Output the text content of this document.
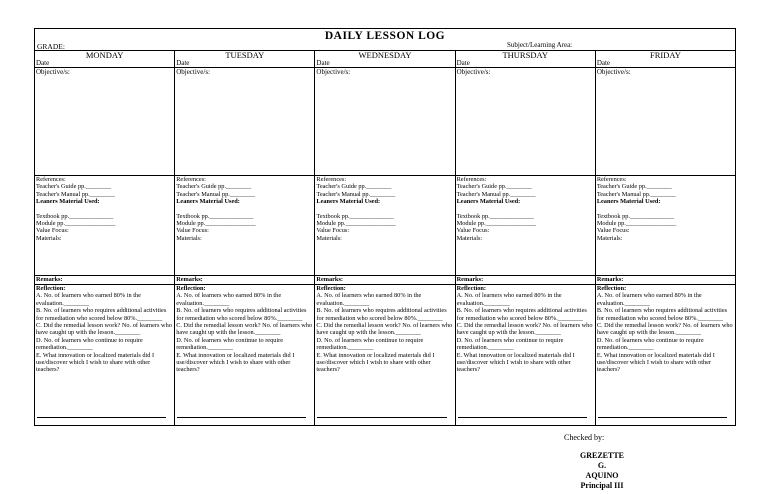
DAILY LESSON LOG
GRADE:	Subject/Learning Area:
MONDAY
Date
Objective/s:
References:
Teacher's Guide pp.________
Teacher's Manual pp.________
Leaners Material Used:
Textbook pp.______________
Module pp.________________
Value Focus:
Materials:
Remarks:

Reflection:

A. No. of learners who earned 80% in the evaluation.________

B. No. of learners who requires additional activities for remediation who scored below 80%.________

C. Did the remedial lesson work? No. of learners who have caught up with the lesson.________

D. No. of learners who continue to require remediation.________

E. What innovation or localized materials did I use/discover which I wish to share with other teachers?

TUESDAY
Date
Objective/s:
References:
Teacher's Guide pp.________
Teacher's Manual pp.________
Leaners Material Used:
Textbook pp.______________
Module pp.________________
Value Focus:
Materials:
Remarks:

Reflection:

A. No. of learners who earned 80% in the evaluation.________

B. No. of learners who requires additional activities for remediation who scored below 80%.________

C. Did the remedial lesson work? No. of learners who have caught up with the lesson.________

D. No. of learners who continue to require remediation.________

E. What innovation or localized materials did I use/discover which I wish to share with other teachers?

WEDNESDAY
Date
Objective/s:
References:
Teacher's Guide pp.________
Teacher's Manual pp.________
Leaners Material Used:
Textbook pp.______________
Module pp.________________
Value Focus:
Materials:
Remarks:

Reflection:

A. No. of learners who earned 80% in the evaluation.________

B. No. of learners who requires additional activities for remediation who scored below 80%.________

C. Did the remedial lesson work? No. of learners who have caught up with the lesson.________

D. No. of learners who continue to require remediation.________

E. What innovation or localized materials did I use/discover which I wish to share with other teachers?

THURSDAY
Date
Objective/s:
References:
Teacher's Guide pp.________
Teacher's Manual pp.________
Leaners Material Used:
Textbook pp.______________
Module pp.________________
Value Focus:
Materials:
Remarks:

Reflection:

A. No. of learners who earned 80% in the evaluation.________

B. No. of learners who requires additional activities for remediation who scored below 80%.________

C. Did the remedial lesson work? No. of learners who have caught up with the lesson.________

D. No. of learners who continue to require remediation.________

E. What innovation or localized materials did I use/discover which I wish to share with other teachers?

FRIDAY
Date
Objective/s:
References:
Teacher's Guide pp.________
Teacher's Manual pp.________
Leaners Material Used:
Textbook pp.______________
Module pp.________________
Value Focus:
Materials:
Remarks:

Reflection:

A. No. of learners who earned 80% in the evaluation.________

B. No. of learners who requires additional activities for remediation who scored below 80%.________

C. Did the remedial lesson work? No. of learners who have caught up with the lesson.________

D. No. of learners who continue to require remediation.________

E. What innovation or localized materials did I use/discover which I wish to share with other teachers?

Checked by:
GREZETTE G.
AQUINO
Principal III
